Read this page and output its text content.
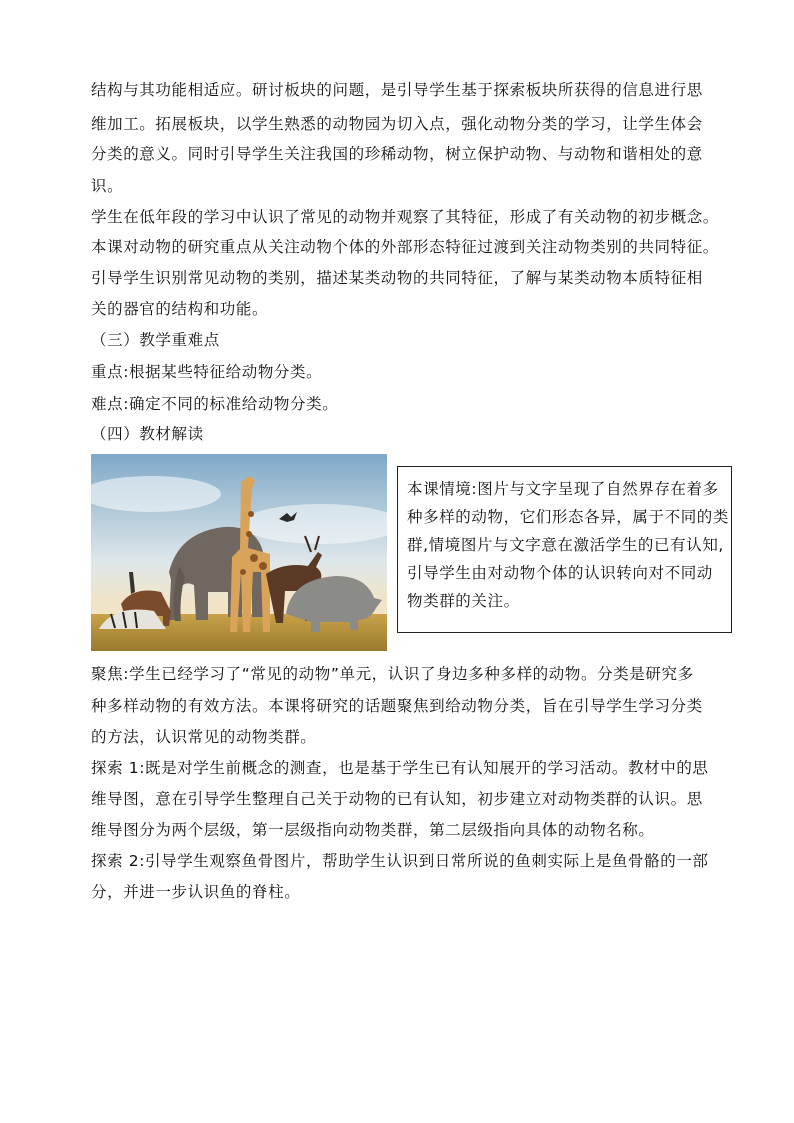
结构与其功能相适应。研讨板块的问题，是引导学生基于探索板块所获得的信息进行思
维加工。拓展板块，以学生熟悉的动物园为切入点，强化动物分类的学习，让学生体会
分类的意义。同时引导学生关注我国的珍稀动物，树立保护动物、与动物和谐相处的意
识。
学生在低年段的学习中认识了常见的动物并观察了其特征，形成了有关动物的初步概念。
本课对动物的研究重点从关注动物个体的外部形态特征过渡到关注动物类别的共同特征。
引导学生识别常见动物的类别，描述某类动物的共同特征，了解与某类动物本质特征相
关的器官的结构和功能。
（三）教学重难点
重点:根据某些特征给动物分类。
难点:确定不同的标准给动物分类。
（四）教材解读
本课情境:图片与文字呈现了自然界存在着多
种多样的动物，它们形态各异，属于不同的类
群,情境图片与文字意在激活学生的已有认知,
引导学生由对动物个体的认识转向对不同动
物类群的关注。
聚焦:学生已经学习了“常见的动物”单元，认识了身边多种多样的动物。分类是研究多
种多样动物的有效方法。本课将研究的话题聚焦到给动物分类，旨在引导学生学习分类
的方法，认识常见的动物类群。
探索 1:既是对学生前概念的测查，也是基于学生已有认知展开的学习活动。教材中的思
维导图，意在引导学生整理自己关于动物的已有认知，初步建立对动物类群的认识。思
维导图分为两个层级，第一层级指向动物类群，第二层级指向具体的动物名称。
探索 2:引导学生观察鱼骨图片，帮助学生认识到日常所说的鱼刺实际上是鱼骨骼的一部
分，并进一步认识鱼的脊柱。
